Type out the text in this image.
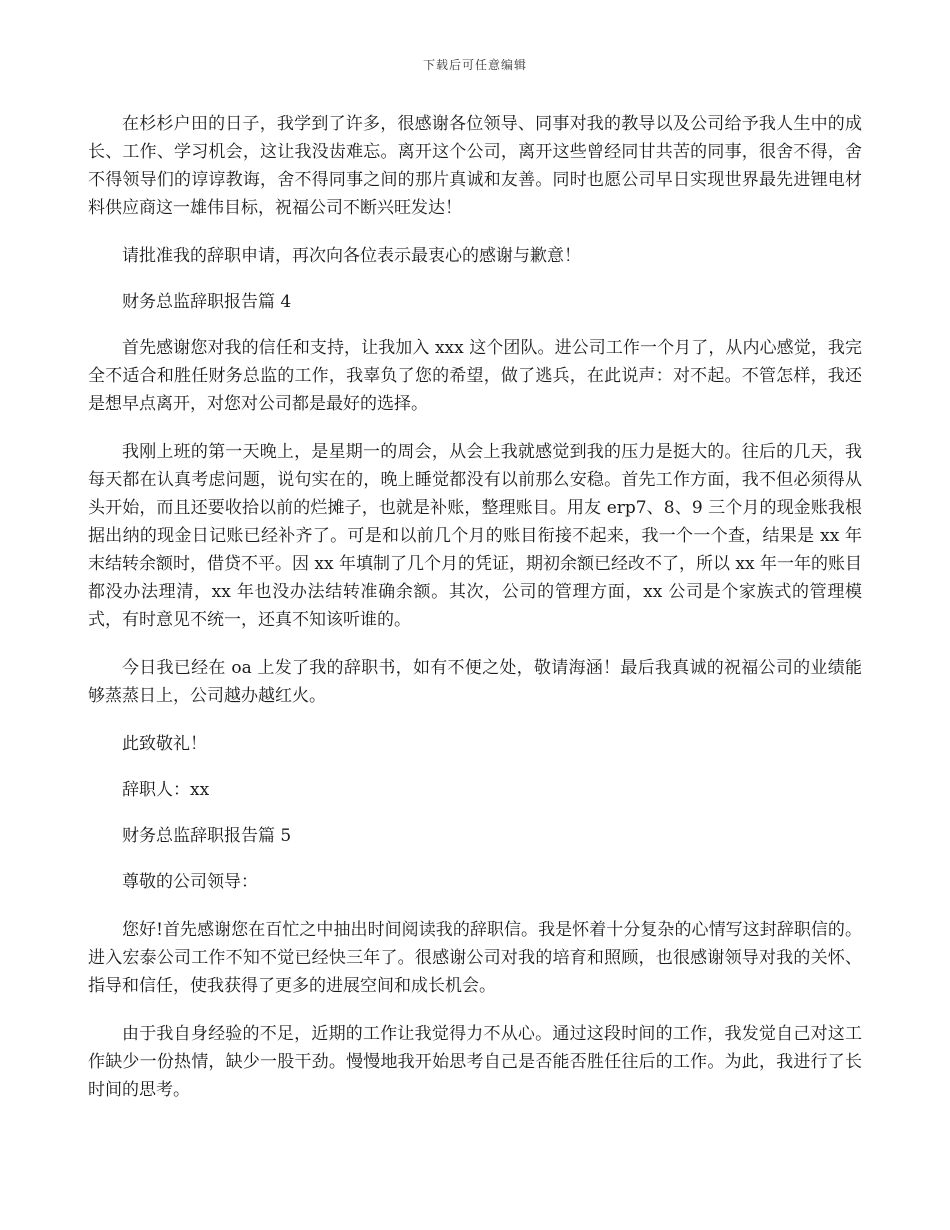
下载后可任意编辑

在杉杉户田的日子，我学到了许多，很感谢各位领导、同事对我的教导以及公司给予我人生中的成长、工作、学习机会，这让我没齿难忘。离开这个公司，离开这些曾经同甘共苦的同事，很舍不得，舍不得领导们的谆谆教诲，舍不得同事之间的那片真诚和友善。同时也愿公司早日实现世界最先进锂电材料供应商这一雄伟目标，祝福公司不断兴旺发达！

请批准我的辞职申请，再次向各位表示最衷心的感谢与歉意！

财务总监辞职报告篇 4

首先感谢您对我的信任和支持，让我加入 xxx 这个团队。进公司工作一个月了，从内心感觉，我完全不适合和胜任财务总监的工作，我辜负了您的希望，做了逃兵，在此说声：对不起。不管怎样，我还是想早点离开，对您对公司都是最好的选择。

我刚上班的第一天晚上，是星期一的周会，从会上我就感觉到我的压力是挺大的。往后的几天，我每天都在认真考虑问题，说句实在的，晚上睡觉都没有以前那么安稳。首先工作方面，我不但必须得从头开始，而且还要收拾以前的烂摊子，也就是补账，整理账目。用友 erp7、8、9 三个月的现金账我根据出纳的现金日记账已经补齐了。可是和以前几个月的账目衔接不起来，我一个一个查，结果是 xx 年末结转余额时，借贷不平。因 xx 年填制了几个月的凭证，期初余额已经改不了，所以 xx 年一年的账目都没办法理清，xx 年也没办法结转准确余额。其次，公司的管理方面，xx 公司是个家族式的管理模式，有时意见不统一，还真不知该听谁的。

今日我已经在 oa 上发了我的辞职书，如有不便之处，敬请海涵！最后我真诚的祝福公司的业绩能够蒸蒸日上，公司越办越红火。

此致敬礼！

辞职人：xx

财务总监辞职报告篇 5

尊敬的公司领导：

您好!首先感谢您在百忙之中抽出时间阅读我的辞职信。我是怀着十分复杂的心情写这封辞职信的。进入宏泰公司工作不知不觉已经快三年了。很感谢公司对我的培育和照顾，也很感谢领导对我的关怀、指导和信任，使我获得了更多的进展空间和成长机会。

由于我自身经验的不足，近期的工作让我觉得力不从心。通过这段时间的工作，我发觉自己对这工作缺少一份热情，缺少一股干劲。慢慢地我开始思考自己是否能否胜任往后的工作。为此，我进行了长时间的思考。
